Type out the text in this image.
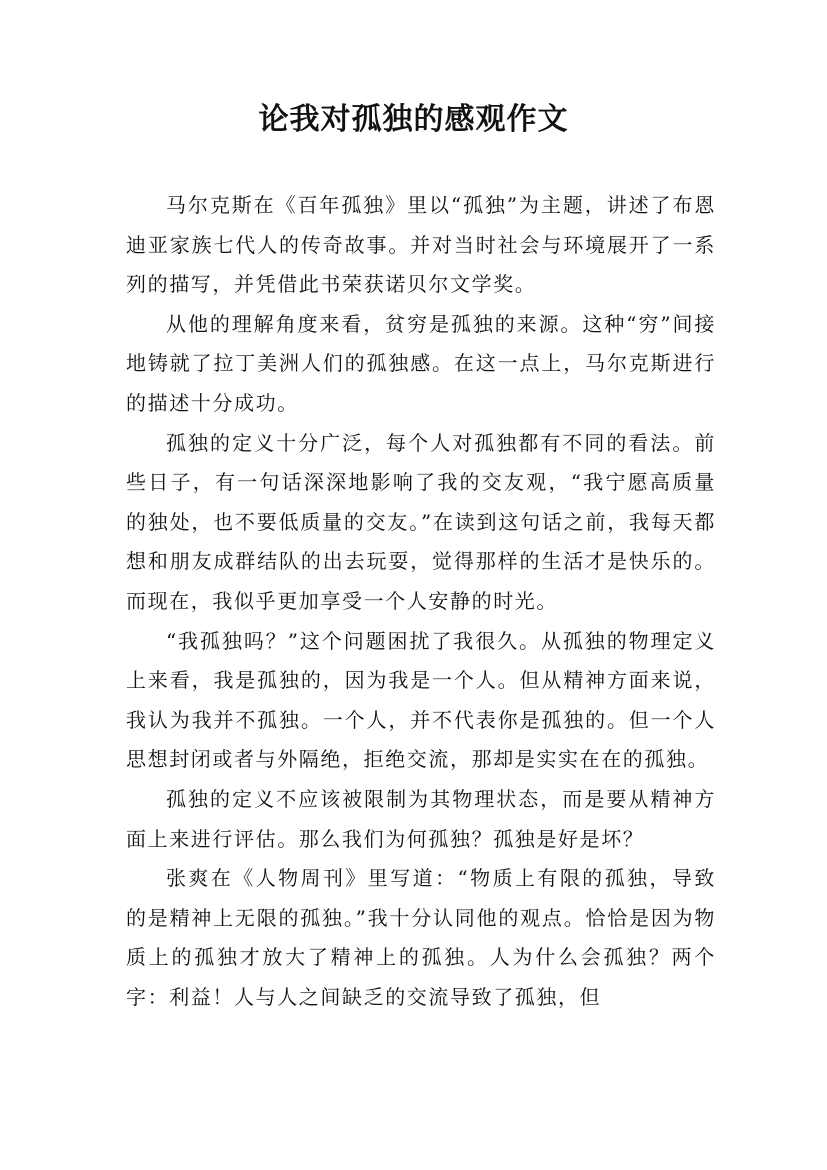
论我对孤独的感观作文

马尔克斯在《百年孤独》里以“孤独”为主题，讲述了布恩迪亚家族七代人的传奇故事。并对当时社会与环境展开了一系列的描写，并凭借此书荣获诺贝尔文学奖。

从他的理解角度来看，贫穷是孤独的来源。这种“穷”间接地铸就了拉丁美洲人们的孤独感。在这一点上，马尔克斯进行的描述十分成功。

孤独的定义十分广泛，每个人对孤独都有不同的看法。前些日子，有一句话深深地影响了我的交友观，“我宁愿高质量的独处，也不要低质量的交友。”在读到这句话之前，我每天都想和朋友成群结队的出去玩耍，觉得那样的生活才是快乐的。而现在，我似乎更加享受一个人安静的时光。

“我孤独吗？”这个问题困扰了我很久。从孤独的物理定义上来看，我是孤独的，因为我是一个人。但从精神方面来说，我认为我并不孤独。一个人，并不代表你是孤独的。但一个人思想封闭或者与外隔绝，拒绝交流，那却是实实在在的孤独。

孤独的定义不应该被限制为其物理状态，而是要从精神方面上来进行评估。那么我们为何孤独？孤独是好是坏？

张爽在《人物周刊》里写道：“物质上有限的孤独，导致的是精神上无限的孤独。”我十分认同他的观点。恰恰是因为物质上的孤独才放大了精神上的孤独。人为什么会孤独？两个字：利益！人与人之间缺乏的交流导致了孤独，但
